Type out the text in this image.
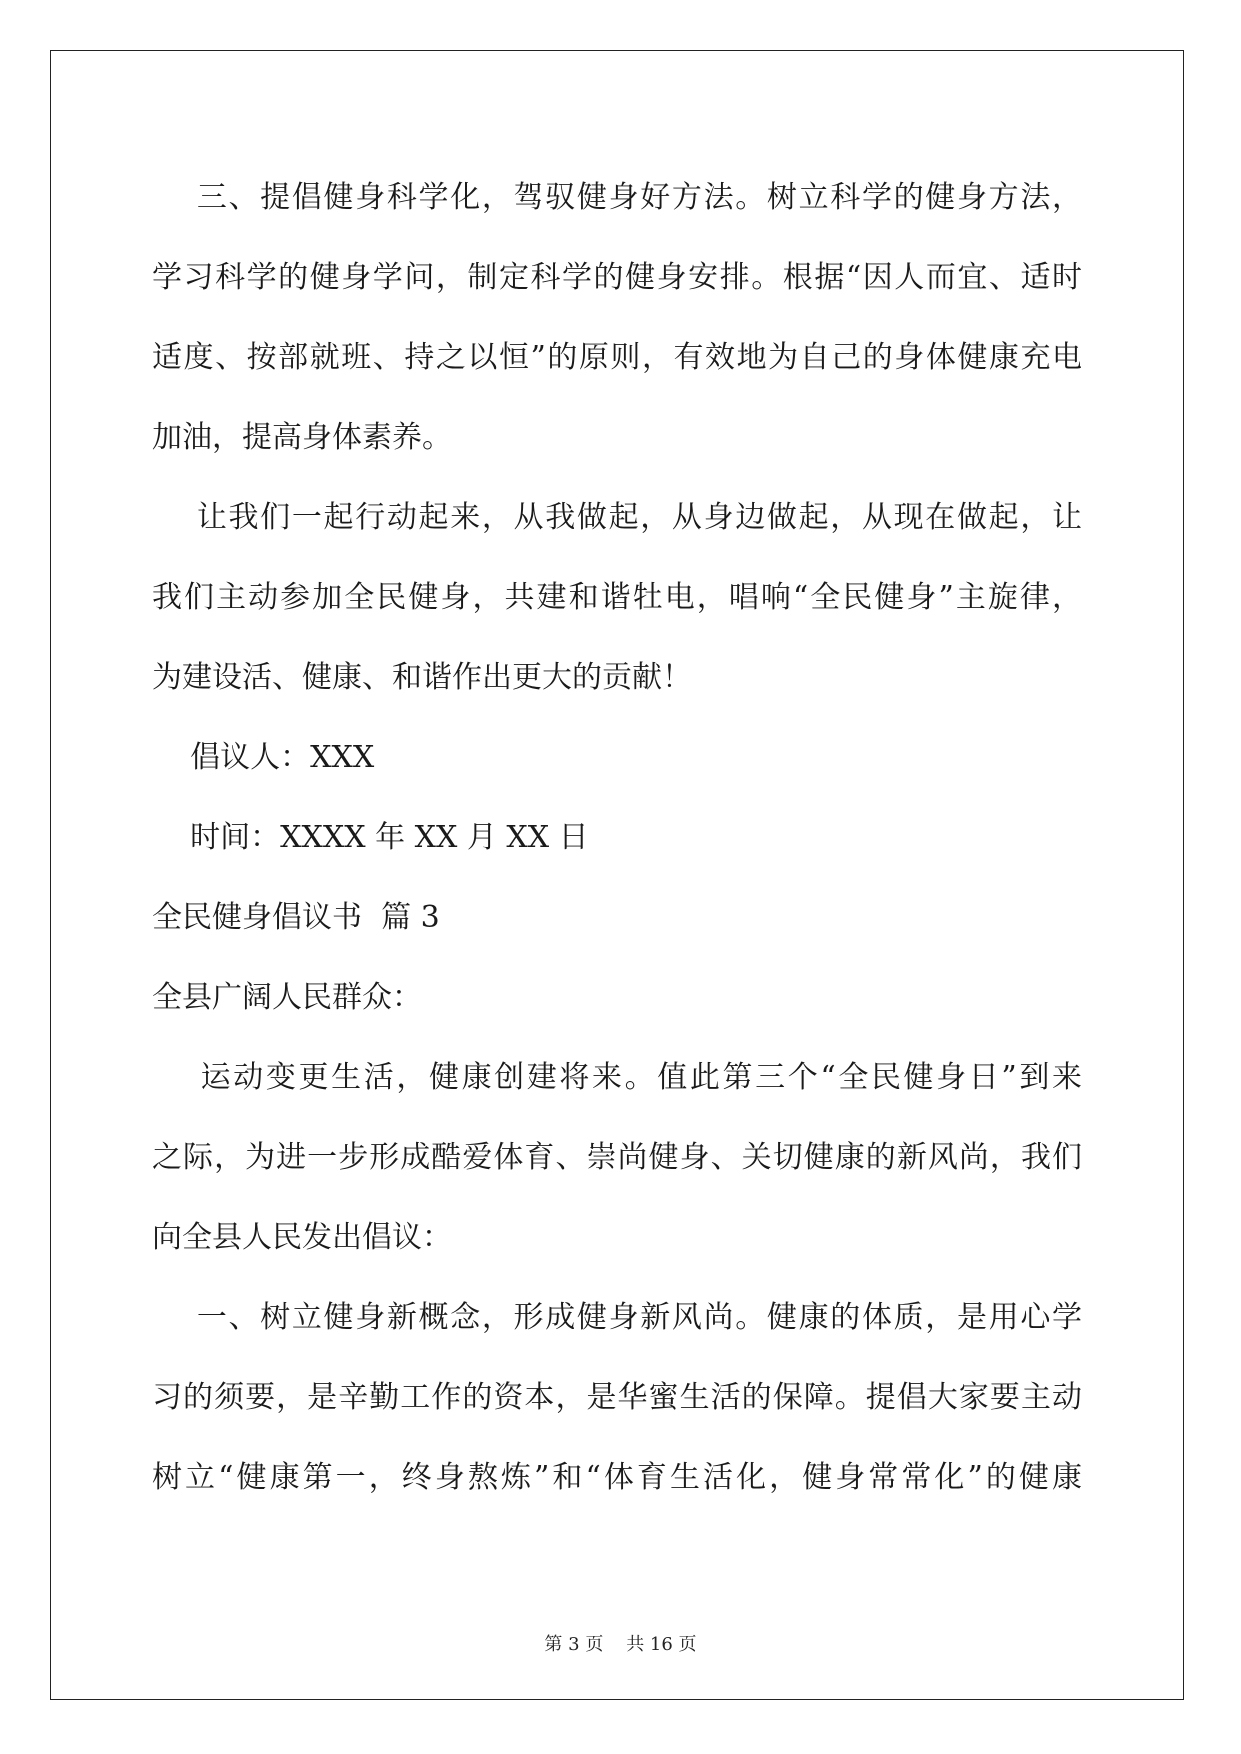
三、提倡健身科学化，驾驭健身好方法。树立科学的健身方法，
学习科学的健身学问，制定科学的健身安排。根据“因人而宜、适时
适度、按部就班、持之以恒”的原则，有效地为自己的身体健康充电
加油，提高身体素养。
让我们一起行动起来，从我做起，从身边做起，从现在做起，让
我们主动参加全民健身，共建和谐牡电，唱响“全民健身”主旋律，
为建设活、健康、和谐作出更大的贡献！
倡议人：XXX
时间：XXXX 年 XX 月 XX 日
全民健身倡议书  篇 3
全县广阔人民群众：
运动变更生活，健康创建将来。值此第三个“全民健身日”到来
之际，为进一步形成酷爱体育、崇尚健身、关切健康的新风尚，我们
向全县人民发出倡议：
一、树立健身新概念，形成健身新风尚。健康的体质，是用心学
习的须要，是辛勤工作的资本，是华蜜生活的保障。提倡大家要主动
树立“健康第一，终身熬炼”和“体育生活化，健身常常化”的健康
第 3 页    共 16 页
